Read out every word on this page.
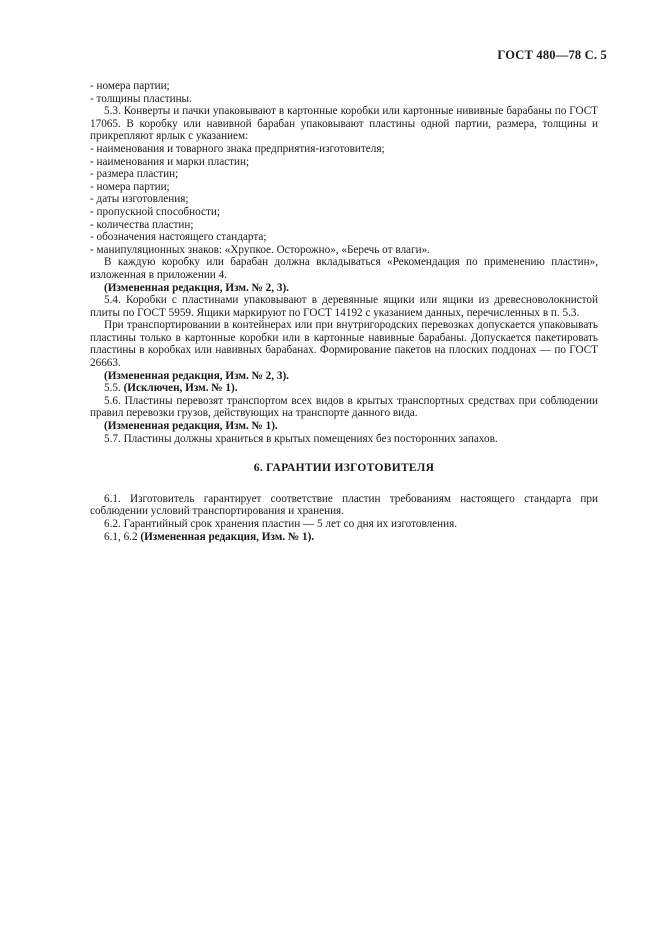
ГОСТ 480—78 С. 5

- номера партии;

- толщины пластины.

5.3. Конверты и пачки упаковывают в картонные коробки или картонные нививные барабаны по ГОСТ 17065. В коробку или навивной барабан упаковывают пластины одной партии, размера, толщины и прикрепляют ярлык с указанием:

- наименования и товарного знака предприятия-изготовителя;

- наименования и марки пластин;

- размера пластин;

- номера партии;

- даты изготовления;

- пропускной способности;

- количества пластин;

- обозначения настоящего стандарта;

- манипуляционных знаков: «Хрупкое. Осторожно», «Беречь от влаги».

В каждую коробку или барабан должна вкладываться «Рекомендация по применению пластин», изложенная в приложении 4.

(Измененная редакция, Изм. № 2, 3).

5.4. Коробки с пластинами упаковывают в деревянные ящики или ящики из древесноволокнистой плиты по ГОСТ 5959. Ящики маркируют по ГОСТ 14192 с указанием данных, перечисленных в п. 5.3.

При транспортировании в контейнерах или при внутригородских перевозках допускается упаковывать пластины только в картонные коробки или в картонные навивные барабаны. Допускается пакетировать пластины в коробках или навивных барабанах. Формирование пакетов на плоских поддонах — по ГОСТ 26663.

(Измененная редакция, Изм. № 2, 3).

5.5. (Исключен, Изм. № 1).

5.6. Пластины перевозят транспортом всех видов в крытых транспортных средствах при соблюдении правил перевозки грузов, действующих на транспорте данного вида.

(Измененная редакция, Изм. № 1).

5.7. Пластины должны храниться в крытых помещениях без посторонних запахов.

6. ГАРАНТИИ ИЗГОТОВИТЕЛЯ

6.1. Изготовитель гарантирует соответствие пластин требованиям настоящего стандарта при соблюдении условий транспортирования и хранения.

6.2. Гарантийный срок хранения пластин — 5 лет со дня их изготовления.

6.1, 6.2 (Измененная редакция, Изм. № 1).
